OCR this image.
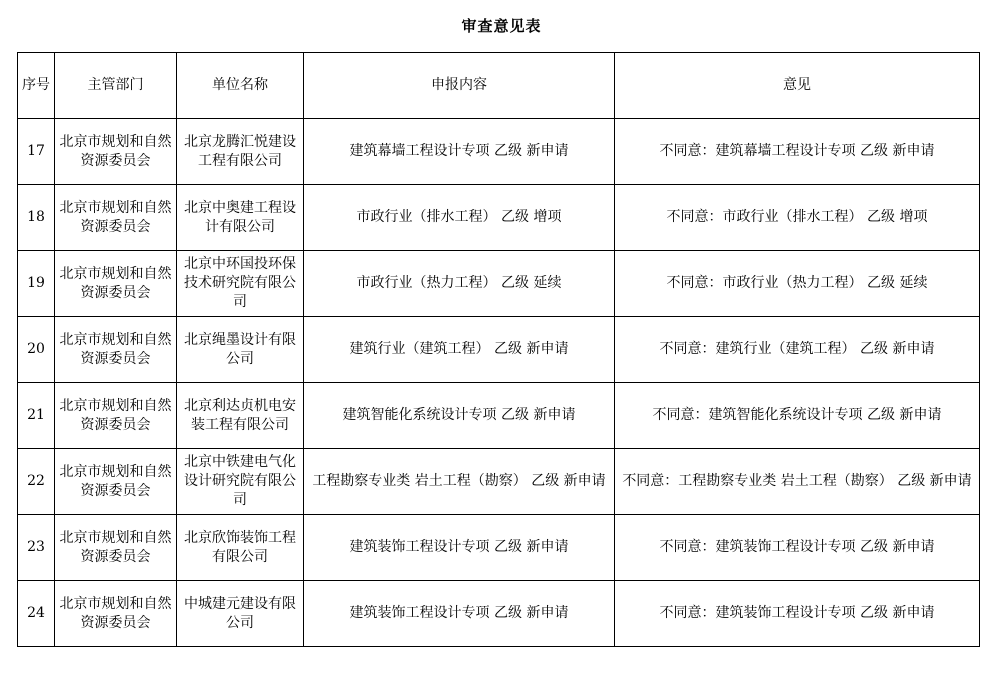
审查意见表
序号	主管部门	单位名称	申报内容	意见
17	北京市规划和自然资源委员会	北京龙腾汇悦建设工程有限公司	建筑幕墙工程设计专项 乙级 新申请	不同意：建筑幕墙工程设计专项 乙级 新申请
18	北京市规划和自然资源委员会	北京中奥建工程设计有限公司	市政行业（排水工程） 乙级 增项	不同意：市政行业（排水工程） 乙级 增项
19	北京市规划和自然资源委员会	北京中环国投环保技术研究院有限公司	市政行业（热力工程） 乙级 延续	不同意：市政行业（热力工程） 乙级 延续
20	北京市规划和自然资源委员会	北京绳墨设计有限公司	建筑行业（建筑工程） 乙级 新申请	不同意：建筑行业（建筑工程） 乙级 新申请
21	北京市规划和自然资源委员会	北京利达贞机电安装工程有限公司	建筑智能化系统设计专项 乙级 新申请	不同意：建筑智能化系统设计专项 乙级 新申请
22	北京市规划和自然资源委员会	北京中铁建电气化设计研究院有限公司	工程勘察专业类 岩土工程（勘察） 乙级 新申请	不同意：工程勘察专业类 岩土工程（勘察） 乙级 新申请
23	北京市规划和自然资源委员会	北京欣饰装饰工程有限公司	建筑装饰工程设计专项 乙级 新申请	不同意：建筑装饰工程设计专项 乙级 新申请
24	北京市规划和自然资源委员会	中城建元建设有限公司	建筑装饰工程设计专项 乙级 新申请	不同意：建筑装饰工程设计专项 乙级 新申请
